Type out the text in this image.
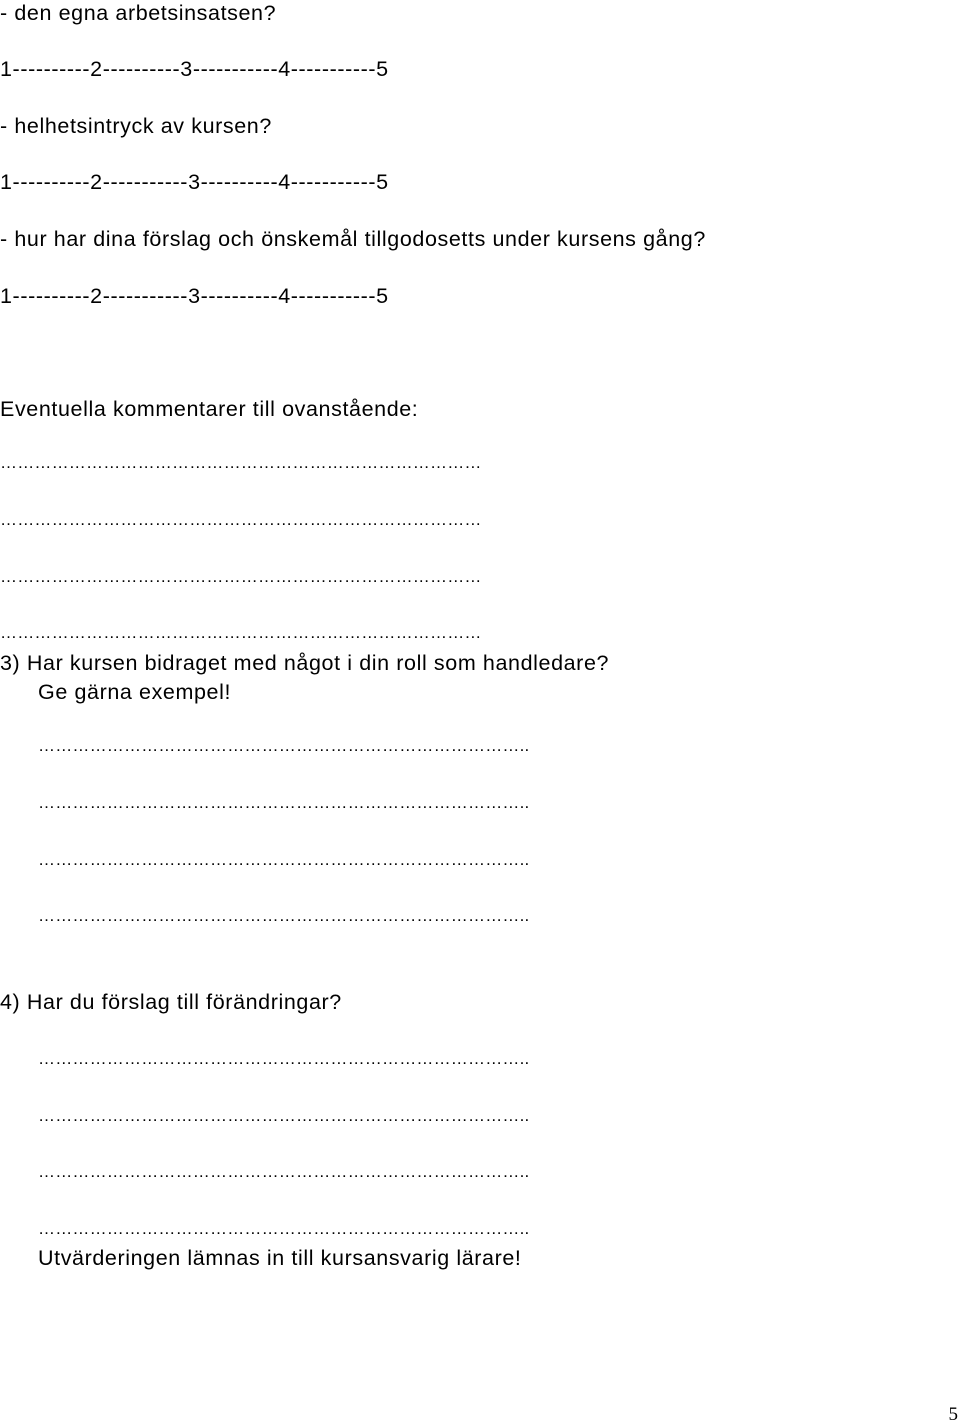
- den egna arbetsinsatsen?
1----------2----------3-----------4-----------5
- helhetsintryck av kursen?
1----------2-----------3----------4-----------5
- hur har dina förslag och önskemål tillgodosetts under kursens gång?
1----------2-----------3----------4-----------5
Eventuella kommentarer till ovanstående:
…………………………………………………………………………
…………………………………………………………………………
…………………………………………………………………………
…………………………………………………………………………
3) Har kursen bidraget med något i din roll som handledare?
Ge gärna exempel!
…………………………………………………………………………..
…………………………………………………………………………..
…………………………………………………………………………..
…………………………………………………………………………..
4) Har du förslag till förändringar?
…………………………………………………………………………..
…………………………………………………………………………..
…………………………………………………………………………..
…………………………………………………………………………..
Utvärderingen lämnas in till kursansvarig lärare!
5
